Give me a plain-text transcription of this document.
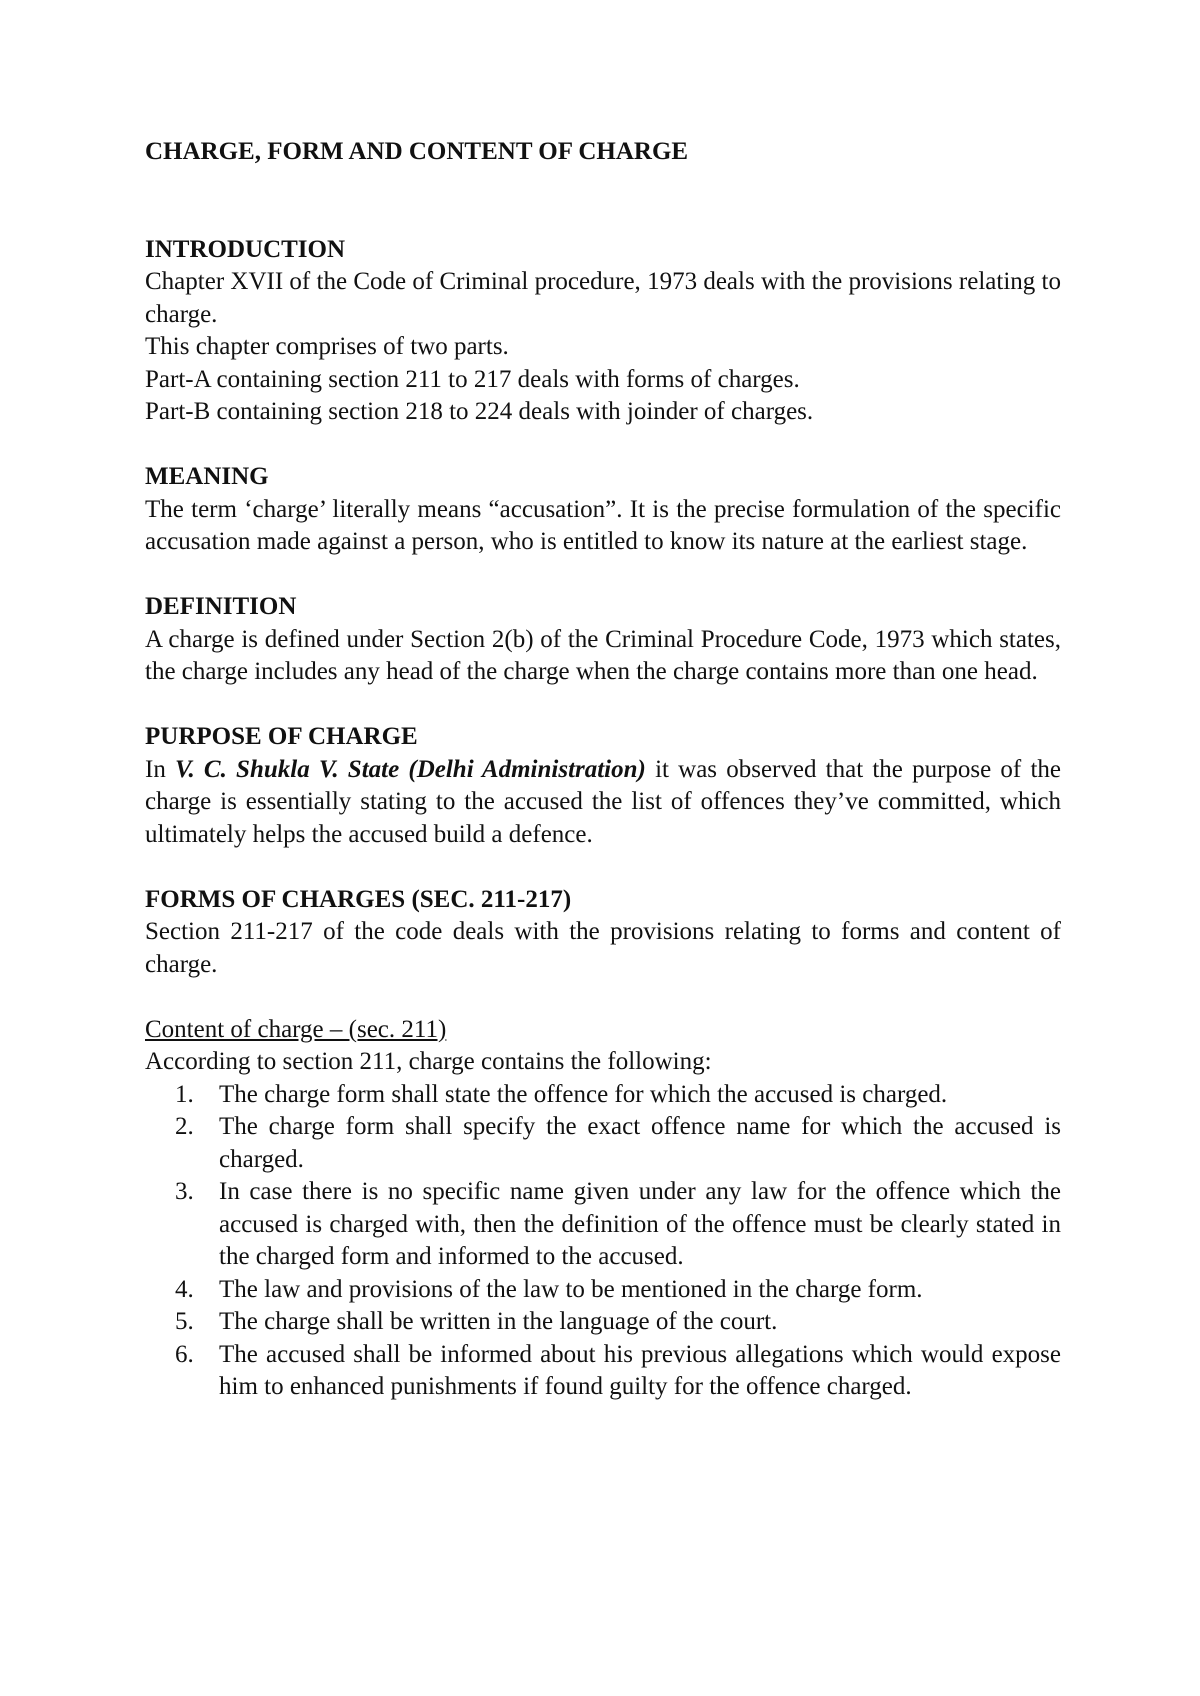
CHARGE, FORM AND CONTENT OF CHARGE

INTRODUCTION

Chapter XVII of the Code of Criminal procedure, 1973 deals with the provisions relating to charge.

This chapter comprises of two parts.

Part-A containing section 211 to 217 deals with forms of charges.

Part-B containing section 218 to 224 deals with joinder of charges.

MEANING

The term ‘charge’ literally means “accusation”. It is the precise formulation of the specific accusation made against a person, who is entitled to know its nature at the earliest stage.

DEFINITION

A charge is defined under Section 2(b) of the Criminal Procedure Code, 1973 which states, the charge includes any head of the charge when the charge contains more than one head.

PURPOSE OF CHARGE

In V. C. Shukla V. State (Delhi Administration) it was observed that the purpose of the charge is essentially stating to the accused the list of offences they’ve committed, which ultimately helps the accused build a defence.

FORMS OF CHARGES (SEC. 211-217)

Section 211-217 of the code deals with the provisions relating to forms and content of charge.

Content of charge – (sec. 211)

According to section 211, charge contains the following:

1.	The charge form shall state the offence for which the accused is charged.
2.	The charge form shall specify the exact offence name for which the accused is charged.
3.	In case there is no specific name given under any law for the offence which the accused is charged with, then the definition of the offence must be clearly stated in the charged form and informed to the accused.
4.	The law and provisions of the law to be mentioned in the charge form.
5.	The charge shall be written in the language of the court.
6.	The accused shall be informed about his previous allegations which would expose him to enhanced punishments if found guilty for the offence charged.
